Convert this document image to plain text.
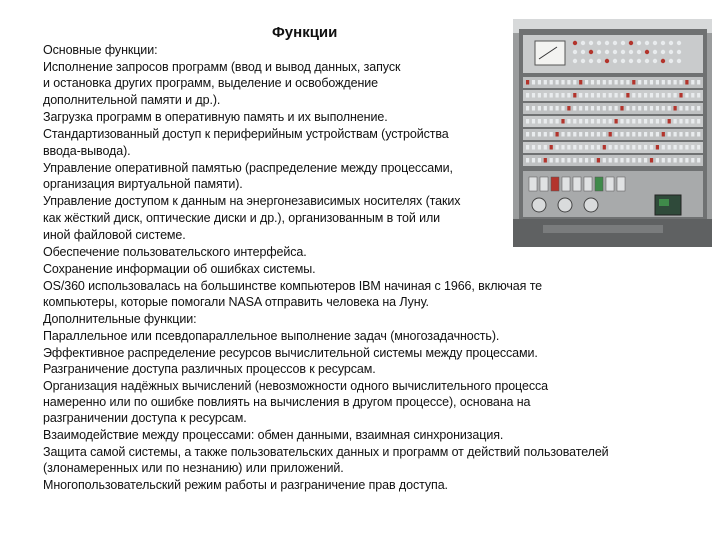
Функции
Основные функции:
Исполнение запросов программ (ввод и вывод данных, запуск
и остановка других программ, выделение и освобождение
дополнительной памяти и др.).
Загрузка программ в оперативную память и их выполнение.
Стандартизованный доступ к периферийным устройствам (устройства
ввода-вывода).
Управление оперативной памятью (распределение между процессами,
организация виртуальной памяти).
Управление доступом к данным на энергонезависимых носителях (таких
как жёсткий диск, оптические диски и др.), организованным в той или
иной файловой системе.
Обеспечение пользовательского интерфейса.
Сохранение информации об ошибках системы.
OS/360 использовалась на большинстве компьютеров IBM начиная с 1966, включая те
компьютеры, которые помогали NASA отправить человека на Луну.
Дополнительные функции:
Параллельное или псевдопараллельное выполнение задач (многозадачность).
Эффективное распределение ресурсов вычислительной системы между процессами.
Разграничение доступа различных процессов к ресурсам.
Организация надёжных вычислений (невозможности одного вычислительного процесса
намеренно или по ошибке повлиять на вычисления в другом процессе), основана на
разграничении доступа к ресурсам.
Взаимодействие между процессами: обмен данными, взаимная синхронизация.
Защита самой системы, а также пользовательских данных и программ от действий пользователей
(злонамеренных или по незнанию) или приложений.
Многопользовательский режим работы и разграничение прав доступа.
